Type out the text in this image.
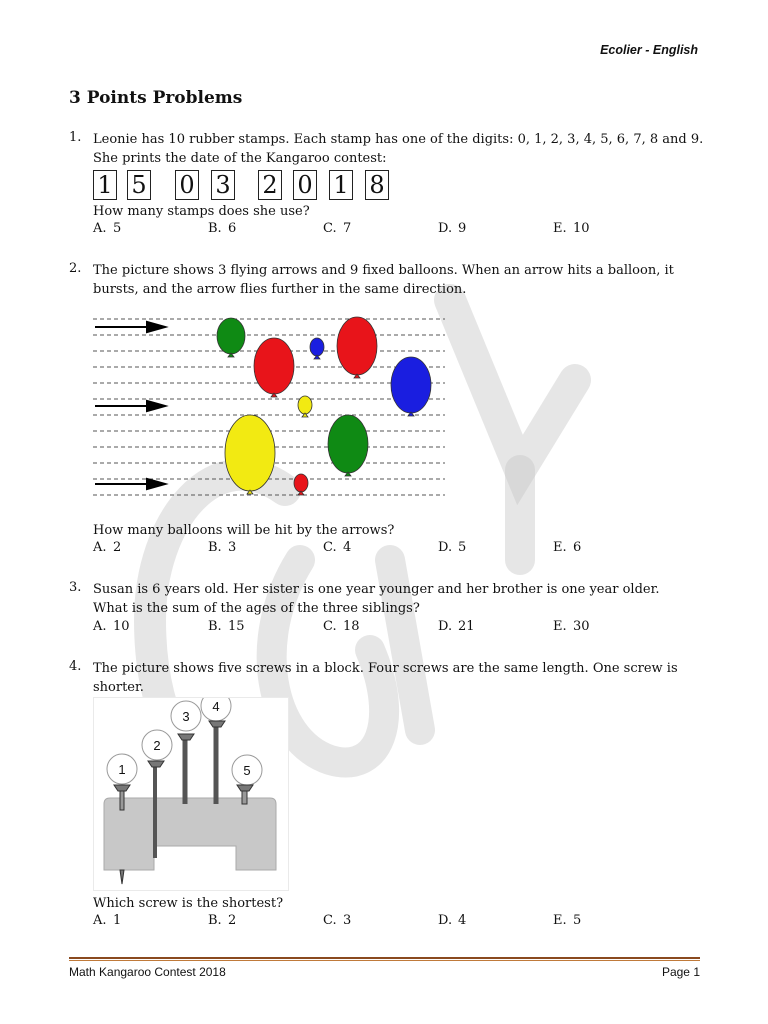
Ecolier - English
3 Points Problems
1. Leonie has 10 rubber stamps. Each stamp has one of the digits: 0, 1, 2, 3, 4, 5, 6, 7, 8 and 9.
She prints the date of the Kangaroo contest:
1 5 0 3 2 0 1 8
How many stamps does she use?
A. 5	B. 6	C. 7	D. 9	E. 10
2. The picture shows 3 flying arrows and 9 fixed balloons. When an arrow hits a balloon, it
bursts, and the arrow flies further in the same direction.
How many balloons will be hit by the arrows?
A. 2	B. 3	C. 4	D. 5	E. 6
3. Susan is 6 years old. Her sister is one year younger and her brother is one year older.
What is the sum of the ages of the three siblings?
A. 10	B. 15	C. 18	D. 21	E. 30
4. The picture shows five screws in a block. Four screws are the same length. One screw is
shorter.
1
2
3
4
5
Which screw is the shortest?
A. 1	B. 2	C. 3	D. 4	E. 5
Math Kangaroo Contest 2018	Page 1
